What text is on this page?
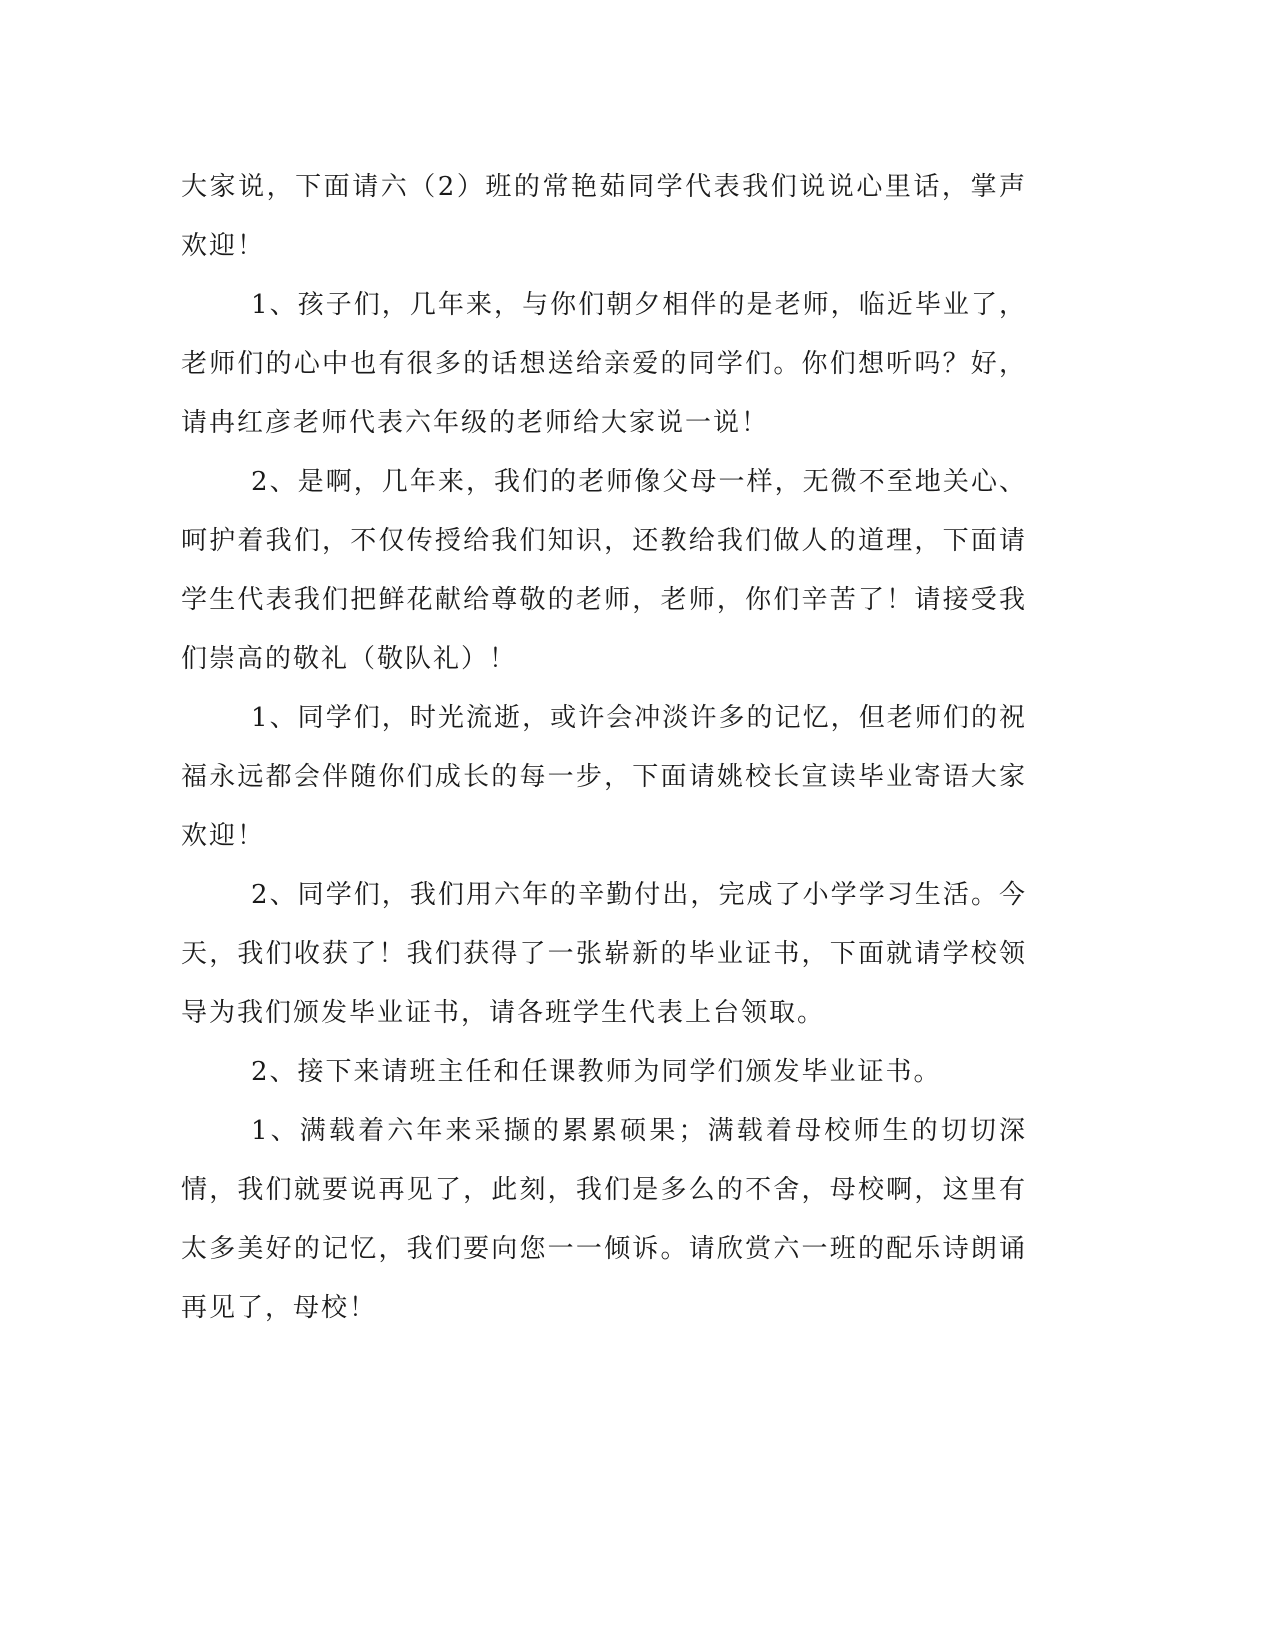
大家说，下面请六（2）班的常艳茹同学代表我们说说心里话，掌声欢迎！

1、孩子们，几年来，与你们朝夕相伴的是老师，临近毕业了，老师们的心中也有很多的话想送给亲爱的同学们。你们想听吗？好，请冉红彦老师代表六年级的老师给大家说一说！

2、是啊，几年来，我们的老师像父母一样，无微不至地关心、呵护着我们，不仅传授给我们知识，还教给我们做人的道理，下面请学生代表我们把鲜花献给尊敬的老师，老师，你们辛苦了！请接受我们崇高的敬礼（敬队礼）！

1、同学们，时光流逝，或许会冲淡许多的记忆，但老师们的祝福永远都会伴随你们成长的每一步，下面请姚校长宣读毕业寄语大家欢迎！

2、同学们，我们用六年的辛勤付出，完成了小学学习生活。今天，我们收获了！我们获得了一张崭新的毕业证书，下面就请学校领导为我们颁发毕业证书，请各班学生代表上台领取。

2、接下来请班主任和任课教师为同学们颁发毕业证书。

1、满载着六年来采撷的累累硕果；满载着母校师生的切切深情，我们就要说再见了，此刻，我们是多么的不舍，母校啊，这里有太多美好的记忆，我们要向您一一倾诉。请欣赏六一班的配乐诗朗诵再见了，母校！
